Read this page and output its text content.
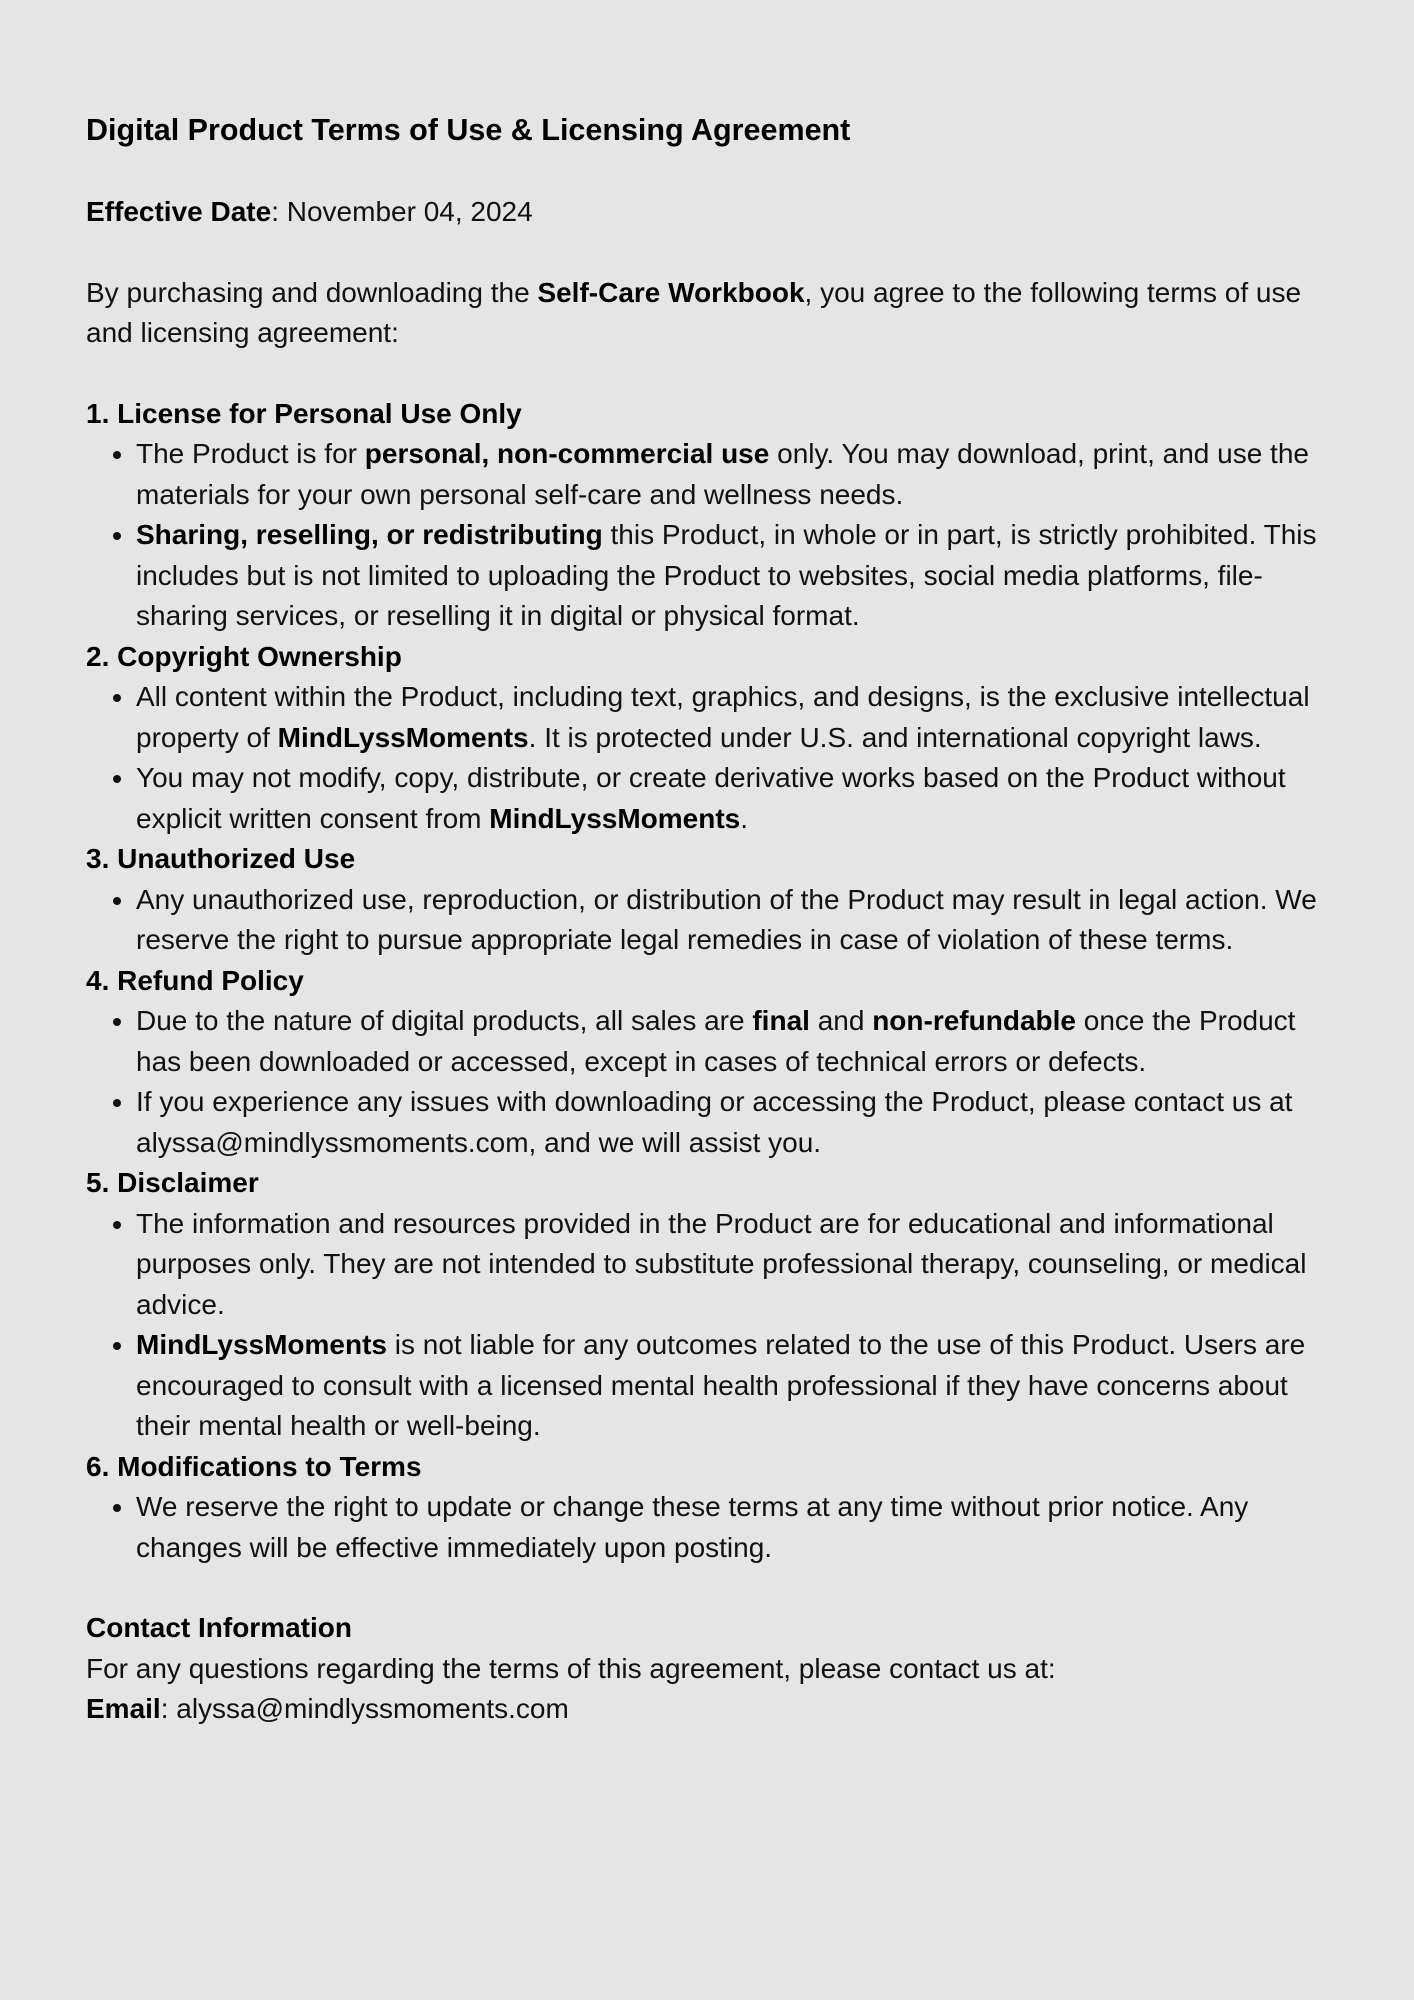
Digital Product Terms of Use & Licensing Agreement

Effective Date: November 04, 2024

By purchasing and downloading the Self-Care Workbook, you agree to the following terms of use and licensing agreement:

1. License for Personal Use Only

• The Product is for personal, non-commercial use only. You may download, print, and use the materials for your own personal self-care and wellness needs.
• Sharing, reselling, or redistributing this Product, in whole or in part, is strictly prohibited. This includes but is not limited to uploading the Product to websites, social media platforms, file-sharing services, or reselling it in digital or physical format.

2. Copyright Ownership

• All content within the Product, including text, graphics, and designs, is the exclusive intellectual property of MindLyssMoments. It is protected under U.S. and international copyright laws.
• You may not modify, copy, distribute, or create derivative works based on the Product without explicit written consent from MindLyssMoments.

3. Unauthorized Use

• Any unauthorized use, reproduction, or distribution of the Product may result in legal action. We reserve the right to pursue appropriate legal remedies in case of violation of these terms.

4. Refund Policy

• Due to the nature of digital products, all sales are final and non-refundable once the Product has been downloaded or accessed, except in cases of technical errors or defects.
• If you experience any issues with downloading or accessing the Product, please contact us at alyssa@mindlyssmoments.com, and we will assist you.

5. Disclaimer

• The information and resources provided in the Product are for educational and informational purposes only. They are not intended to substitute professional therapy, counseling, or medical advice.
• MindLyssMoments is not liable for any outcomes related to the use of this Product. Users are encouraged to consult with a licensed mental health professional if they have concerns about their mental health or well-being.

6. Modifications to Terms

• We reserve the right to update or change these terms at any time without prior notice. Any changes will be effective immediately upon posting.

Contact Information

For any questions regarding the terms of this agreement, please contact us at:

Email: alyssa@mindlyssmoments.com
